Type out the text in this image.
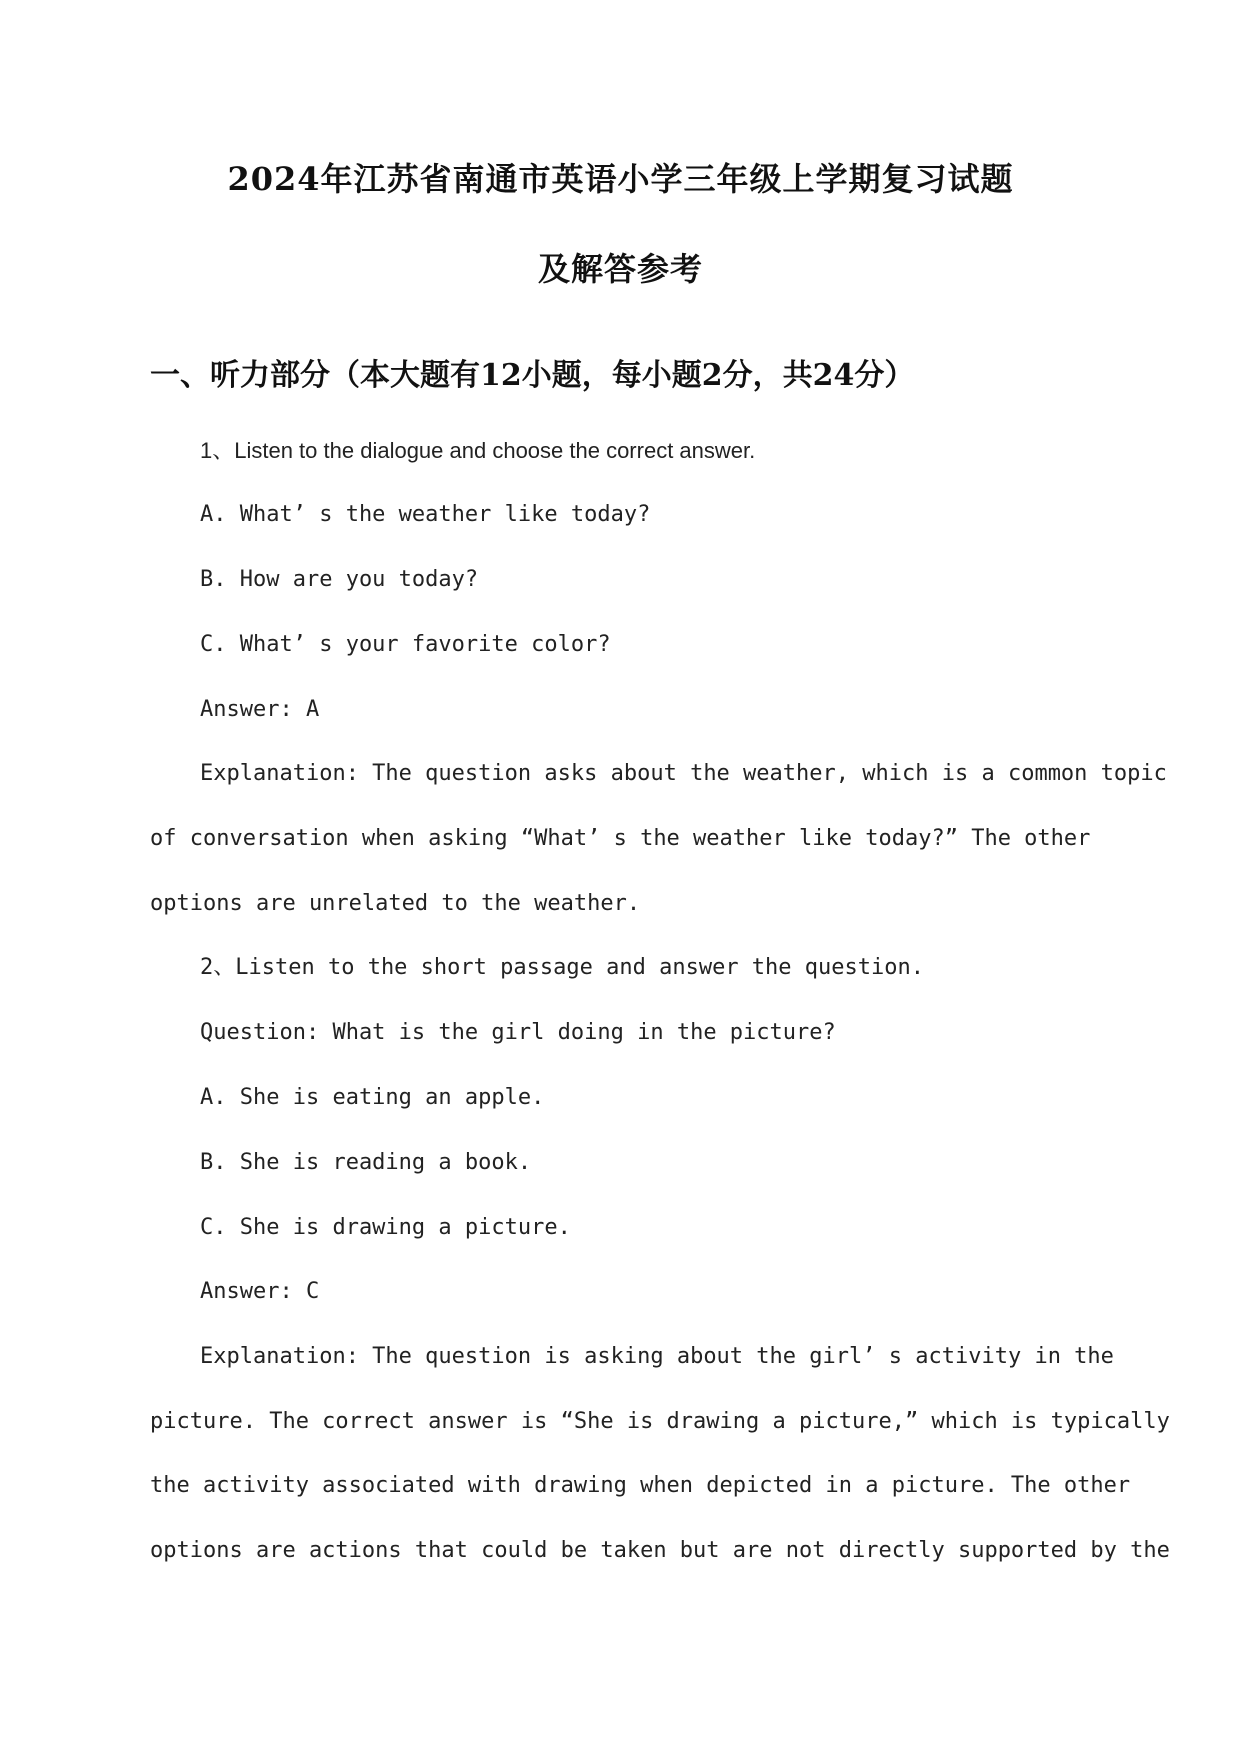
2024年江苏省南通市英语小学三年级上学期复习试题
及解答参考
一、听力部分（本大题有12小题，每小题2分，共24分）
1、Listen to the dialogue and choose the correct answer.
A. What’ s the weather like today?
B. How are you today?
C. What’ s your favorite color?
Answer: A
Explanation: The question asks about the weather, which is a common topic
of conversation when asking “What’ s the weather like today?” The other
options are unrelated to the weather.
2、Listen to the short passage and answer the question.
Question: What is the girl doing in the picture?
A. She is eating an apple.
B. She is reading a book.
C. She is drawing a picture.
Answer: C
Explanation: The question is asking about the girl’ s activity in the
picture. The correct answer is “She is drawing a picture,” which is typically
the activity associated with drawing when depicted in a picture. The other
options are actions that could be taken but are not directly supported by the
